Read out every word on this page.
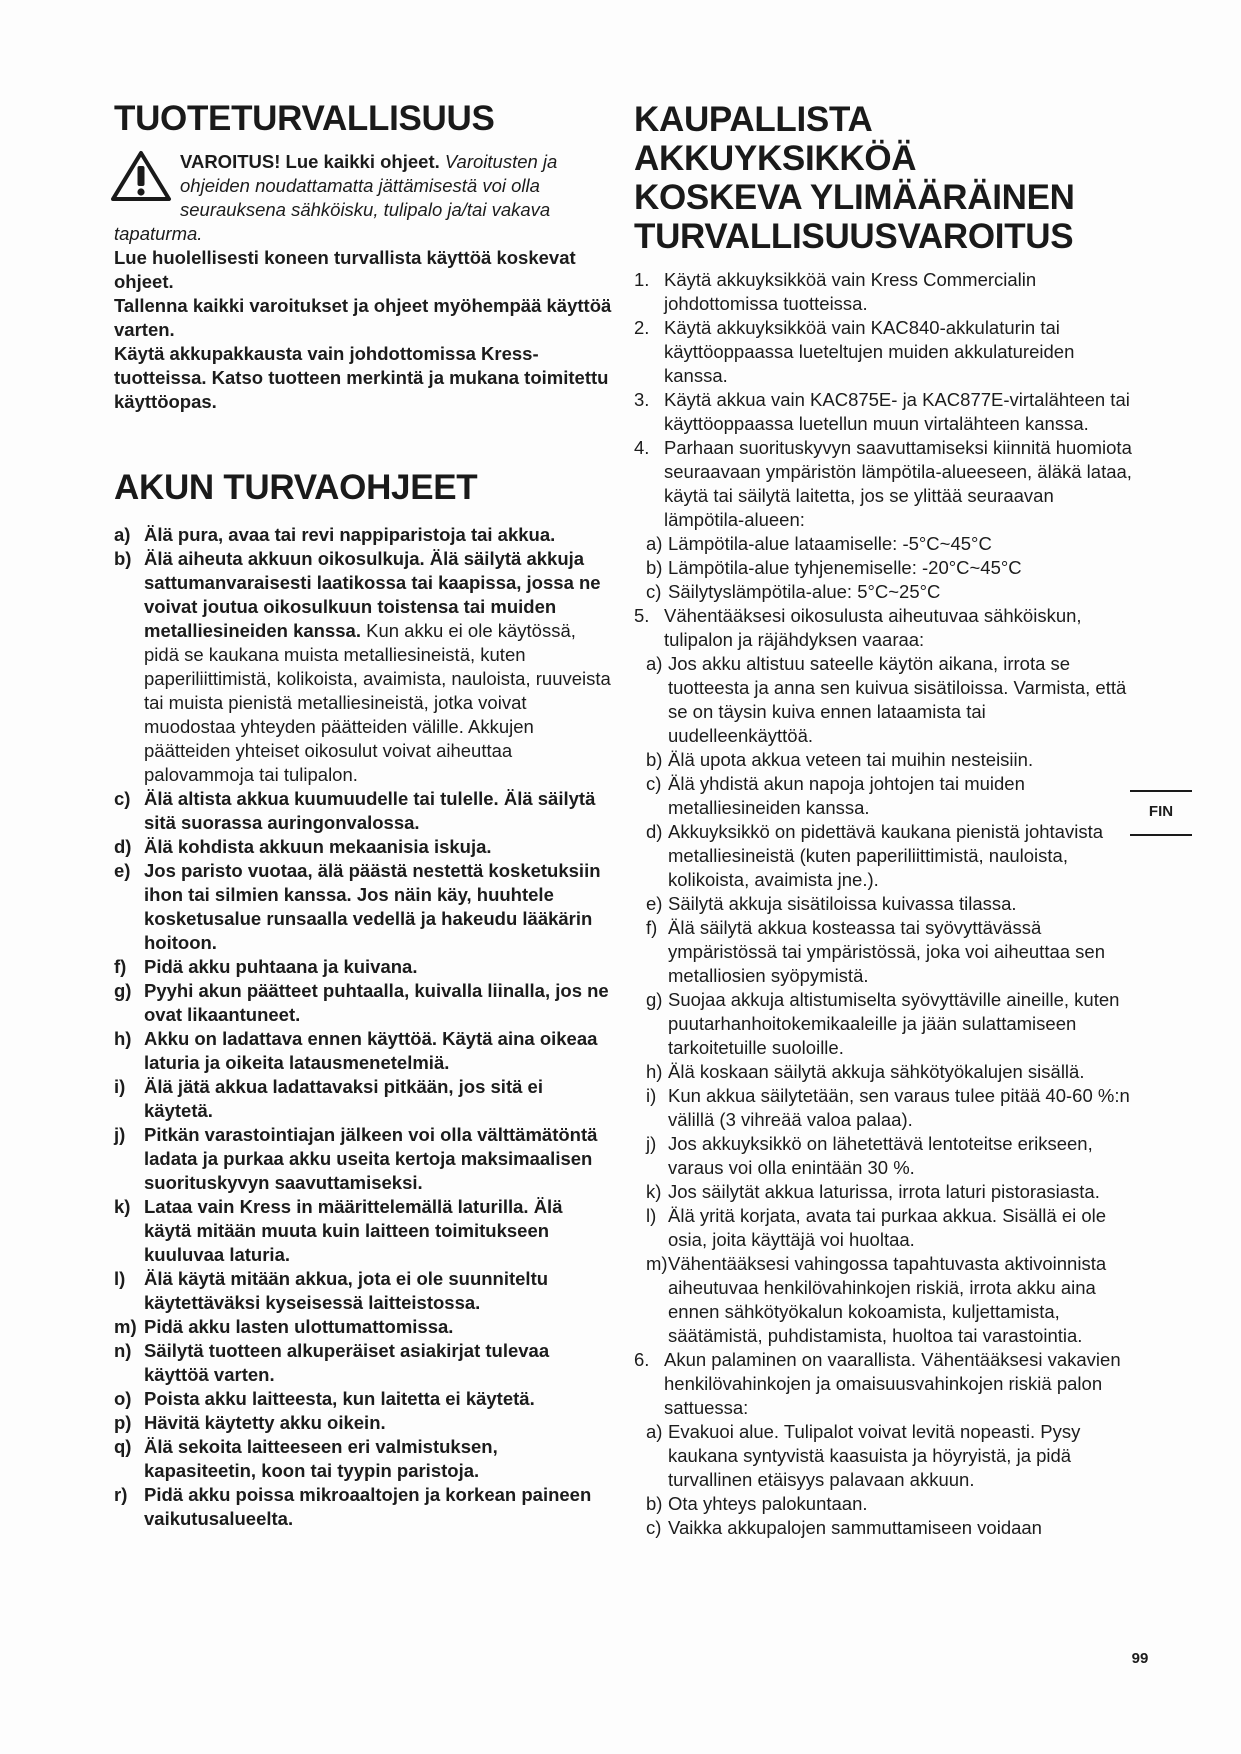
TUOTETURVALLISUUS
VAROITUS! Lue kaikki ohjeet. Varoitusten ja ohjeiden noudattamatta jättämisestä voi olla seurauksena sähköisku, tulipalo ja/tai vakava tapaturma.
Lue huolellisesti koneen turvallista käyttöä koskevat ohjeet.
Tallenna kaikki varoitukset ja ohjeet myöhempää käyttöä varten.
Käytä akkupakkausta vain johdottomissa Kress-tuotteissa. Katso tuotteen merkintä ja mukana toimitettu käyttöopas.
AKUN TURVAOHJEET
a) Älä pura, avaa tai revi nappiparistoja tai akkua.
b) Älä aiheuta akkuun oikosulkuja. Älä säilytä akkuja sattumanvaraisesti laatikossa tai kaapissa, jossa ne voivat joutua oikosulkuun toistensa tai muiden metalliesineiden kanssa. Kun akku ei ole käytössä, pidä se kaukana muista metalliesineistä, kuten paperiliittimistä, kolikoista, avaimista, nauloista, ruuveista tai muista pienistä metalliesineistä, jotka voivat muodostaa yhteyden päätteiden välille. Akkujen päätteiden yhteiset oikosulut voivat aiheuttaa palovammoja tai tulipalon.
c) Älä altista akkua kuumuudelle tai tulelle. Älä säilytä sitä suorassa auringonvalossa.
d) Älä kohdista akkuun mekaanisia iskuja.
e) Jos paristo vuotaa, älä päästä nestettä kosketuksiin ihon tai silmien kanssa. Jos näin käy, huuhtele kosketusalue runsaalla vedellä ja hakeudu lääkärin hoitoon.
f) Pidä akku puhtaana ja kuivana.
g) Pyyhi akun päätteet puhtaalla, kuivalla liinalla, jos ne ovat likaantuneet.
h) Akku on ladattava ennen käyttöä. Käytä aina oikeaa laturia ja oikeita latausmenetelmiä.
i)	Älä jätä akkua ladattavaksi pitkään, jos sitä ei käytetä.
j)	Pitkän varastointiajan jälkeen voi olla välttämätöntä ladata ja purkaa akku useita kertoja maksimaalisen suorituskyvyn saavuttamiseksi.
k) Lataa vain Kress in määrittelemällä laturilla. Älä käytä mitään muuta kuin laitteen toimitukseen kuuluvaa laturia.
l)	Älä käytä mitään akkua, jota ei ole suunniteltu käytettäväksi kyseisessä laitteistossa.
m) Pidä akku lasten ulottumattomissa.
n) Säilytä tuotteen alkuperäiset asiakirjat tulevaa käyttöä varten.
o) Poista akku laitteesta, kun laitetta ei käytetä.
p) Hävitä käytetty akku oikein.
q) Älä sekoita laitteeseen eri valmistuksen, kapasiteetin, koon tai tyypin paristoja.
r) Pidä akku poissa mikroaaltojen ja korkean paineen vaikutusalueelta.
KAUPALLISTA
AKKUYKSIKKÖÄ
KOSKEVA YLIMÄÄRÄINEN
TURVALLISUUSVAROITUS
1. Käytä akkuyksikköä vain Kress Commercialin johdottomissa tuotteissa.
2. Käytä akkuyksikköä vain KAC840-akkulaturin tai käyttöoppaassa lueteltujen muiden akkulatureiden kanssa.
3. Käytä akkua vain KAC875E- ja KAC877E-virtalähteen tai käyttöoppaassa luetellun muun virtalähteen kanssa.
4. Parhaan suorituskyvyn saavuttamiseksi kiinnitä huomiota seuraavaan ympäristön lämpötila-alueeseen, äläkä lataa, käytä tai säilytä laitetta, jos se ylittää seuraavan lämpötila-alueen:
a) Lämpötila-alue lataamiselle: -5°C~45°C
b) Lämpötila-alue tyhjenemiselle: -20°C~45°C
c) Säilytyslämpötila-alue: 5°C~25°C
5. Vähentääksesi oikosulusta aiheutuvaa sähköiskun, tulipalon ja räjähdyksen vaaraa:
a) Jos akku altistuu sateelle käytön aikana, irrota se tuotteesta ja anna sen kuivua sisätiloissa. Varmista, että se on täysin kuiva ennen lataamista tai uudelleenkäyttöä.
b) Älä upota akkua veteen tai muihin nesteisiin.
c) Älä yhdistä akun napoja johtojen tai muiden metalliesineiden kanssa.
d) Akkuyksikkö on pidettävä kaukana pienistä johtavista metalliesineistä (kuten paperiliittimistä, nauloista, kolikoista, avaimista jne.).
e) Säilytä akkuja sisätiloissa kuivassa tilassa.
f) Älä säilytä akkua kosteassa tai syövyttävässä ympäristössä tai ympäristössä, joka voi aiheuttaa sen metalliosien syöpymistä.
g) Suojaa akkuja altistumiselta syövyttäville aineille, kuten puutarhanhoitokemikaaleille ja jään sulattamiseen tarkoitetuille suoloille.
h) Älä koskaan säilytä akkuja sähkötyökalujen sisällä.
i) Kun akkua säilytetään, sen varaus tulee pitää 40-60 %:n välillä (3 vihreää valoa palaa).
j) Jos akkuyksikkö on lähetettävä lentoteitse erikseen, varaus voi olla enintään 30 %.
k) Jos säilytät akkua laturissa, irrota laturi pistorasiasta.
l) Älä yritä korjata, avata tai purkaa akkua. Sisällä ei ole osia, joita käyttäjä voi huoltaa.
m) Vähentääksesi vahingossa tapahtuvasta aktivoinnista aiheutuvaa henkilövahinkojen riskiä, irrota akku aina ennen sähkötyökalun kokoamista, kuljettamista, säätämistä, puhdistamista, huoltoa tai varastointia.
6. Akun palaminen on vaarallista. Vähentääksesi vakavien henkilövahinkojen ja omaisuusvahinkojen riskiä palon sattuessa:
a) Evakuoi alue. Tulipalot voivat levitä nopeasti. Pysy kaukana syntyvistä kaasuista ja höyryistä, ja pidä turvallinen etäisyys palavaan akkuun.
b) Ota yhteys palokuntaan.
c) Vaikka akkupalojen sammuttamiseen voidaan
FIN
99
